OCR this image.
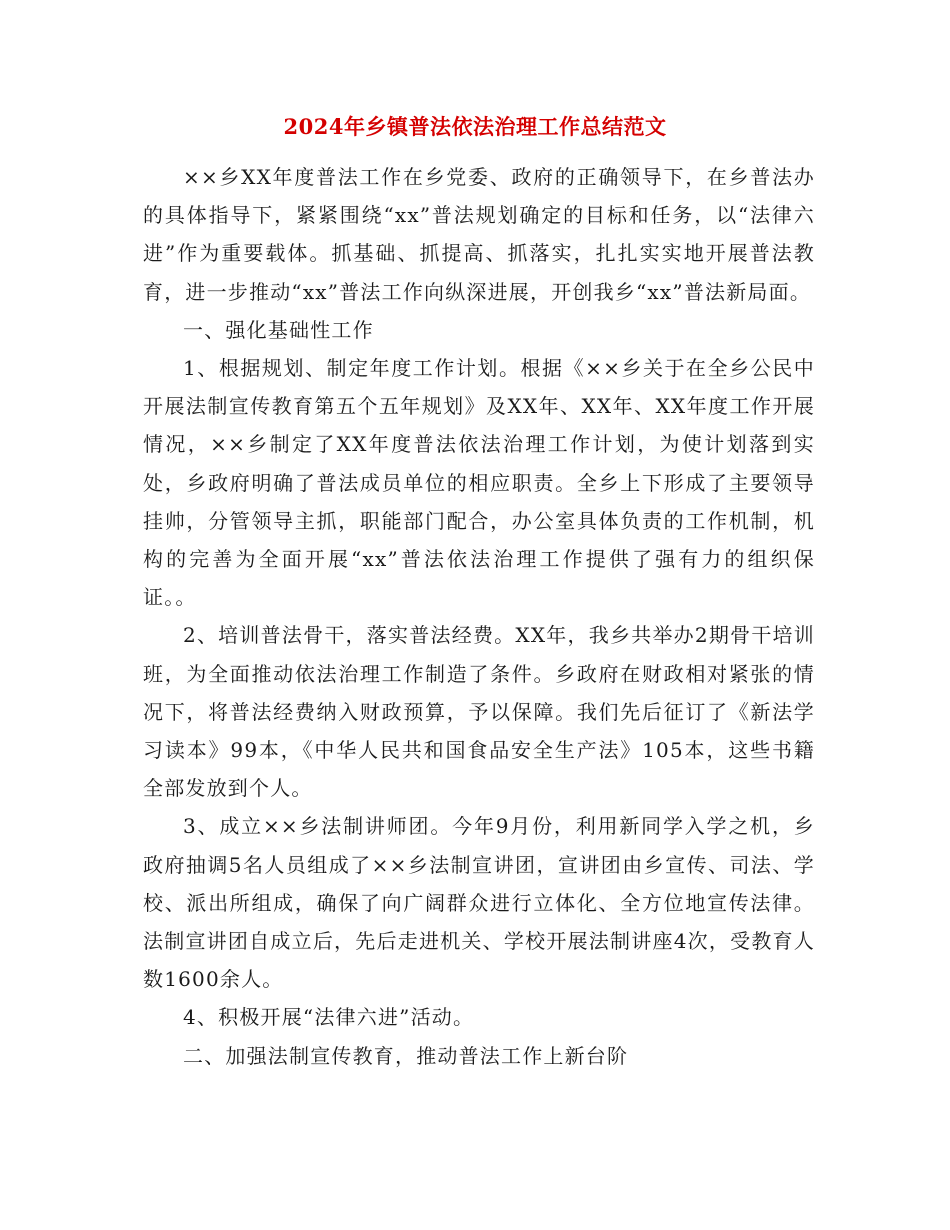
2024年乡镇普法依法治理工作总结范文

××乡XX年度普法工作在乡党委、政府的正确领导下，在乡普法办的具体指导下，紧紧围绕“xx”普法规划确定的目标和任务，以“法律六进”作为重要载体。抓基础、抓提高、抓落实，扎扎实实地开展普法教育，进一步推动“xx”普法工作向纵深进展，开创我乡“xx”普法新局面。

一、强化基础性工作

1、根据规划、制定年度工作计划。根据《××乡关于在全乡公民中开展法制宣传教育第五个五年规划》及XX年、XX年、XX年度工作开展情况，××乡制定了XX年度普法依法治理工作计划，为使计划落到实处，乡政府明确了普法成员单位的相应职责。全乡上下形成了主要领导挂帅，分管领导主抓，职能部门配合，办公室具体负责的工作机制，机构的完善为全面开展“xx”普法依法治理工作提供了强有力的组织保证。。

2、培训普法骨干，落实普法经费。XX年，我乡共举办2期骨干培训班，为全面推动依法治理工作制造了条件。乡政府在财政相对紧张的情况下，将普法经费纳入财政预算，予以保障。我们先后征订了《新法学习读本》99本，《中华人民共和国食品安全生产法》105本，这些书籍全部发放到个人。

3、成立××乡法制讲师团。今年9月份，利用新同学入学之机，乡政府抽调5名人员组成了××乡法制宣讲团，宣讲团由乡宣传、司法、学校、派出所组成，确保了向广阔群众进行立体化、全方位地宣传法律。法制宣讲团自成立后，先后走进机关、学校开展法制讲座4次，受教育人数1600余人。

4、积极开展“法律六进”活动。

二、加强法制宣传教育，推动普法工作上新台阶
